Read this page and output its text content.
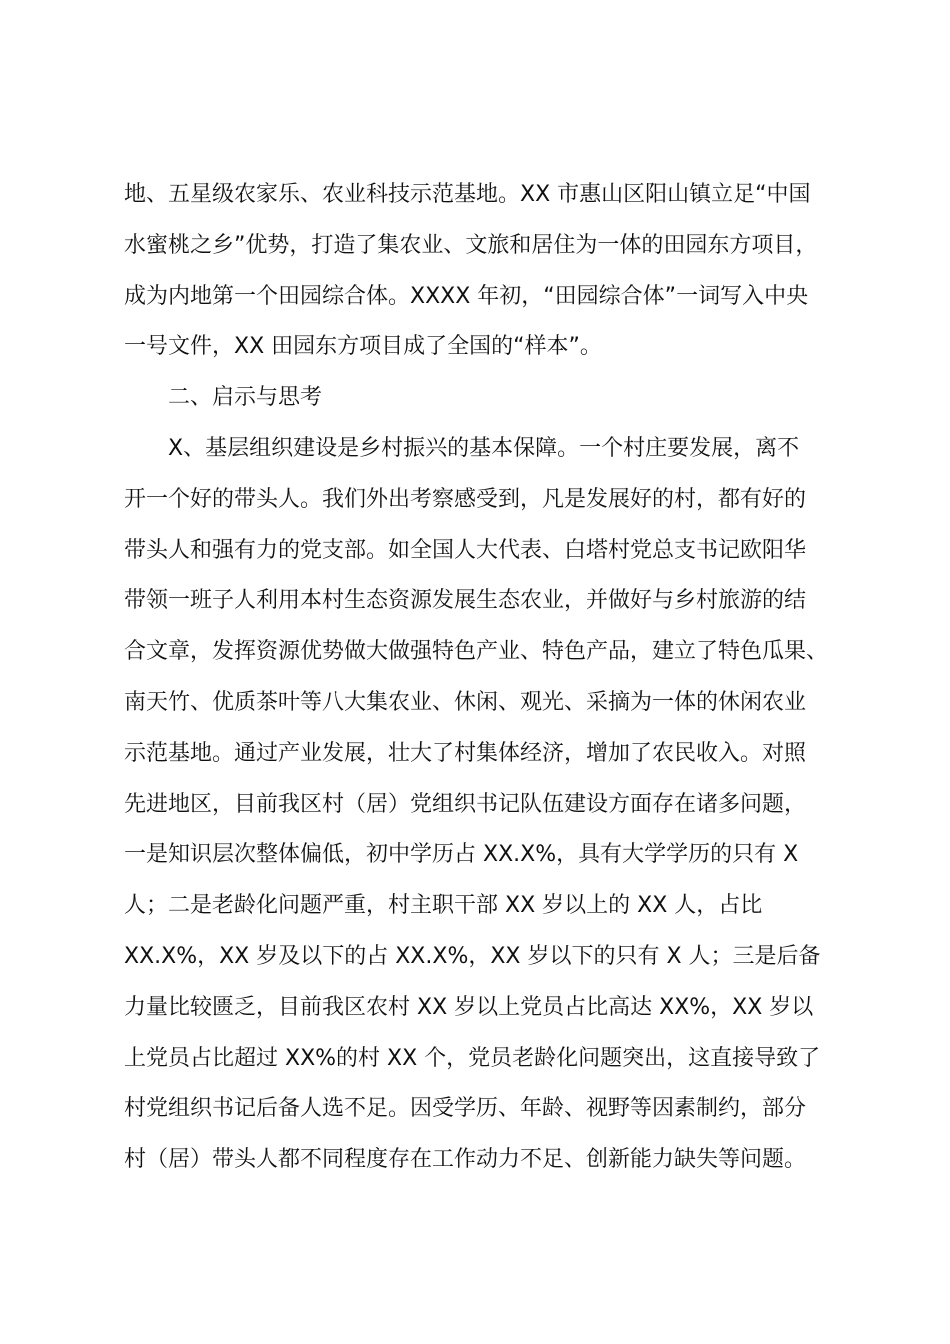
地、五星级农家乐、农业科技示范基地。XX 市惠山区阳山镇立足“中国
水蜜桃之乡”优势，打造了集农业、文旅和居住为一体的田园东方项目，
成为内地第一个田园综合体。XXXX 年初，“田园综合体”一词写入中央
一号文件，XX 田园东方项目成了全国的“样本”。
二、启示与思考
X、基层组织建设是乡村振兴的基本保障。一个村庄要发展，离不
开一个好的带头人。我们外出考察感受到，凡是发展好的村，都有好的
带头人和强有力的党支部。如全国人大代表、白塔村党总支书记欧阳华
带领一班子人利用本村生态资源发展生态农业，并做好与乡村旅游的结
合文章，发挥资源优势做大做强特色产业、特色产品，建立了特色瓜果、
南天竹、优质茶叶等八大集农业、休闲、观光、采摘为一体的休闲农业
示范基地。通过产业发展，壮大了村集体经济，增加了农民收入。对照
先进地区，目前我区村（居）党组织书记队伍建设方面存在诸多问题，
一是知识层次整体偏低，初中学历占 XX.X%，具有大学学历的只有 X
人；二是老龄化问题严重，村主职干部 XX 岁以上的 XX 人，占比
XX.X%，XX 岁及以下的占 XX.X%，XX 岁以下的只有 X 人；三是后备
力量比较匮乏，目前我区农村 XX 岁以上党员占比高达 XX%，XX 岁以
上党员占比超过 XX%的村 XX 个，党员老龄化问题突出，这直接导致了
村党组织书记后备人选不足。因受学历、年龄、视野等因素制约，部分
村（居）带头人都不同程度存在工作动力不足、创新能力缺失等问题。
